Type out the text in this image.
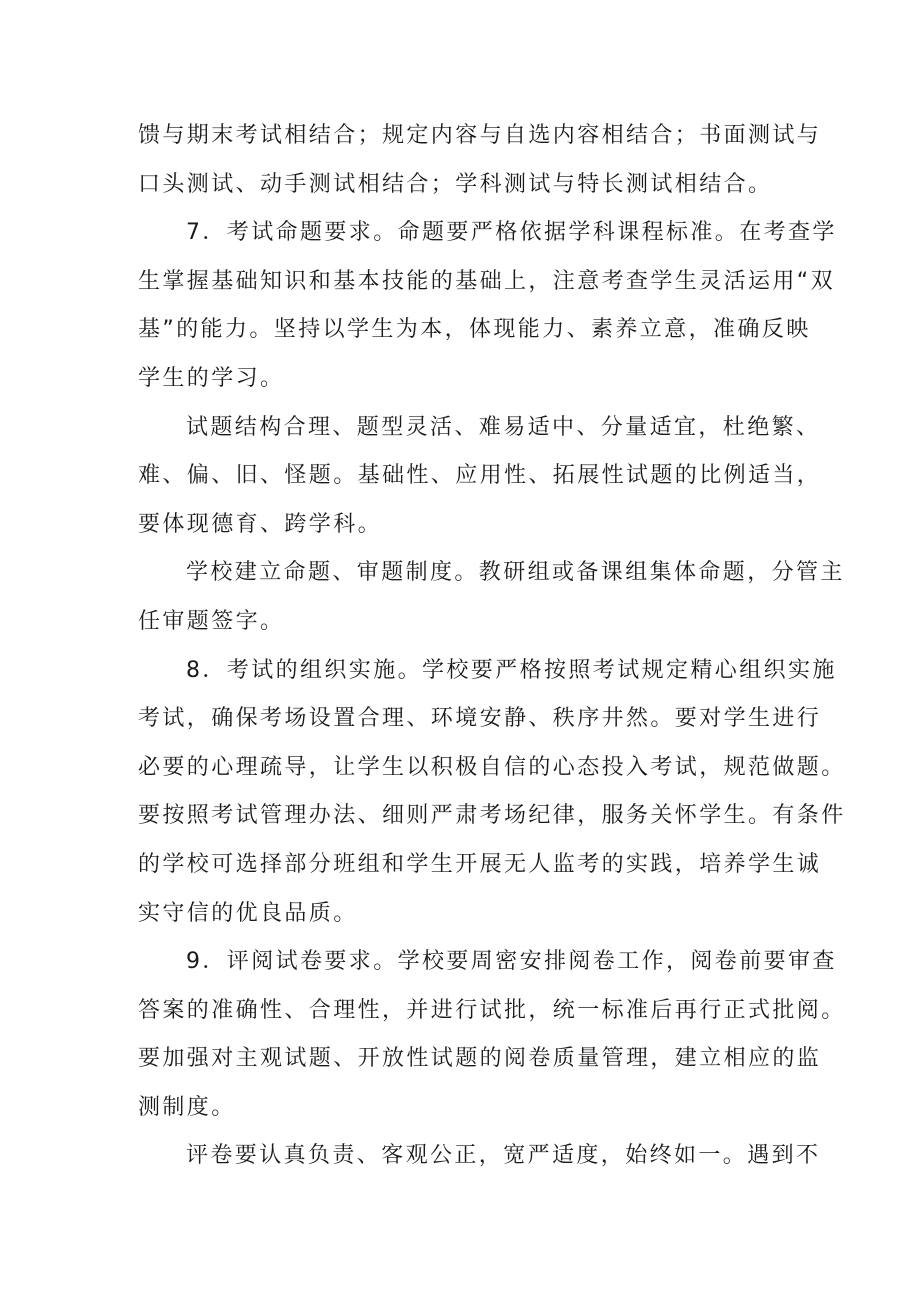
馈与期末考试相结合；规定内容与自选内容相结合；书面测试与
口头测试、动手测试相结合；学科测试与特长测试相结合。
7．考试命题要求。命题要严格依据学科课程标准。在考查学
生掌握基础知识和基本技能的基础上，注意考查学生灵活运用“双
基”的能力。坚持以学生为本，体现能力、素养立意，准确反映
学生的学习。
试题结构合理、题型灵活、难易适中、分量适宜，杜绝繁、
难、偏、旧、怪题。基础性、应用性、拓展性试题的比例适当，
要体现德育、跨学科。
学校建立命题、审题制度。教研组或备课组集体命题，分管主
任审题签字。
8．考试的组织实施。学校要严格按照考试规定精心组织实施
考试，确保考场设置合理、环境安静、秩序井然。要对学生进行
必要的心理疏导，让学生以积极自信的心态投入考试，规范做题。
要按照考试管理办法、细则严肃考场纪律，服务关怀学生。有条件
的学校可选择部分班组和学生开展无人监考的实践，培养学生诚
实守信的优良品质。
9．评阅试卷要求。学校要周密安排阅卷工作，阅卷前要审查
答案的准确性、合理性，并进行试批，统一标准后再行正式批阅。
要加强对主观试题、开放性试题的阅卷质量管理，建立相应的监
测制度。
评卷要认真负责、客观公正，宽严适度，始终如一。遇到不
